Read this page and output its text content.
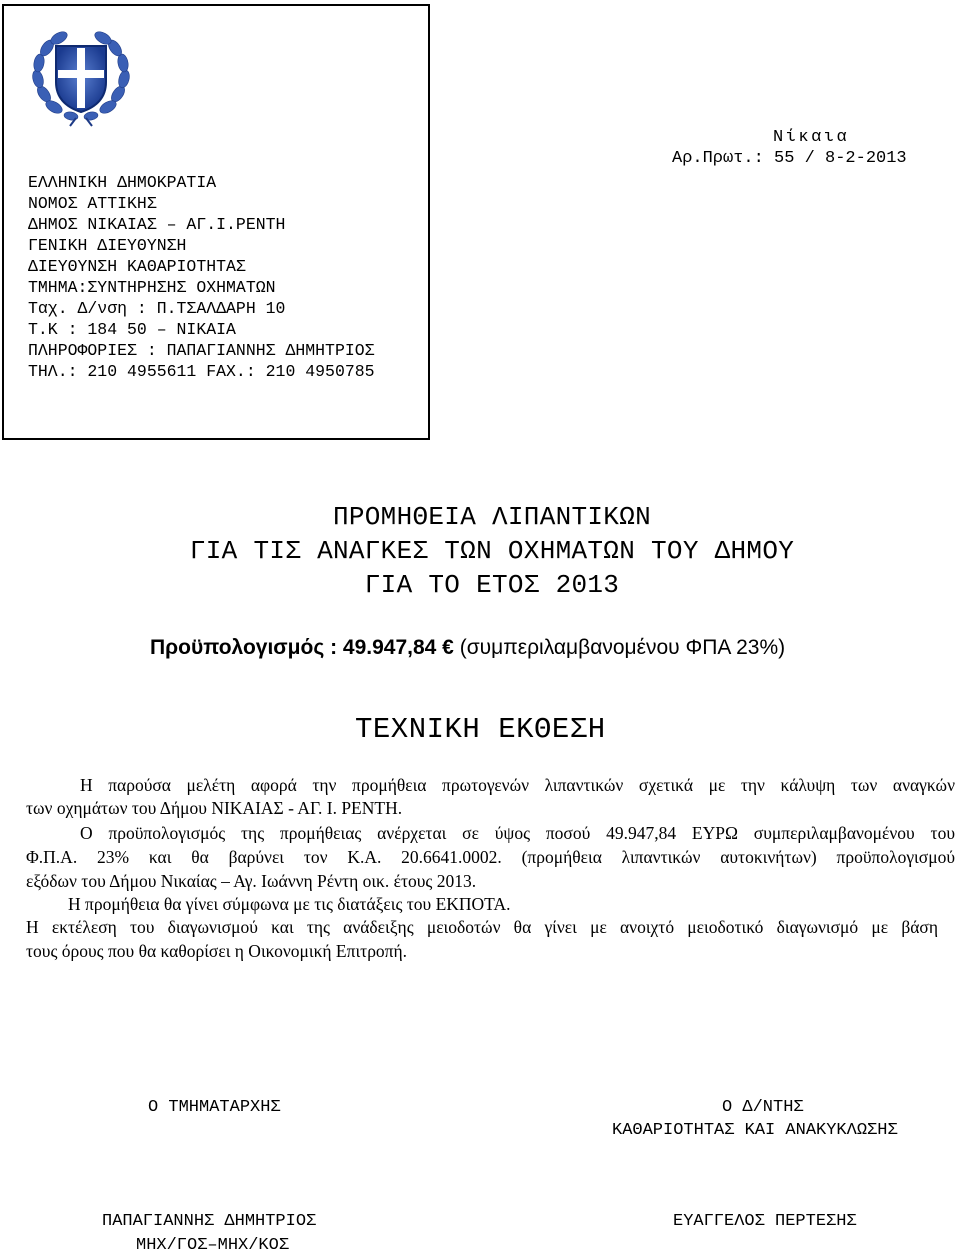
ΕΛΛΗΝΙΚΗ ΔΗΜΟΚΡΑΤΙΑ
ΝΟΜΟΣ ΑΤΤΙΚΗΣ
ΔΗΜΟΣ ΝΙΚΑΙΑΣ – ΑΓ.Ι.ΡΕΝΤΗ
ΓΕΝΙΚΗ ΔΙΕΥΘΥΝΣΗ
ΔΙΕΥΘΥΝΣΗ ΚΑΘΑΡΙΟΤΗΤΑΣ
ΤΜΗΜΑ:ΣΥΝΤΗΡΗΣΗΣ ΟΧΗΜΑΤΩΝ
Ταχ. Δ/νση : Π.ΤΣΑΛΔΑΡΗ 10
Τ.Κ : 184 50 – ΝΙΚΑΙΑ
ΠΛΗΡΟΦΟΡΙΕΣ : ΠΑΠΑΓΙΑΝΝΗΣ ΔΗΜΗΤΡΙΟΣ
ΤΗΛ.: 210 4955611 FAX.: 210 4950785
Νίκαια
Αρ.Πρωτ.: 55 / 8-2-2013
ΠΡΟΜΗΘΕΙΑ ΛΙΠΑΝΤΙΚΩΝ
ΓΙΑ ΤΙΣ ΑΝΑΓΚΕΣ ΤΩΝ ΟΧΗΜΑΤΩΝ ΤΟΥ ΔΗΜΟΥ
ΓΙΑ ΤΟ ΕΤΟΣ 2013
Προϋπολογισμός : 49.947,84 € (συμπεριλαμβανομένου ΦΠΑ 23%)
ΤΕΧΝΙΚΗ ΕΚΘΕΣΗ
Η παρούσα μελέτη αφορά την προμήθεια πρωτογενών λιπαντικών σχετικά με την κάλυψη των αναγκών
των οχημάτων του Δήμου ΝΙΚΑΙΑΣ - ΑΓ. Ι. ΡΕΝΤΗ.
Ο προϋπολογισμός της προμήθειας ανέρχεται σε ύψος ποσού 49.947,84 ΕΥΡΩ συμπεριλαμβανομένου του
Φ.Π.Α. 23% και θα βαρύνει τον Κ.Α. 20.6641.0002. (προμήθεια λιπαντικών αυτοκινήτων) προϋπολογισμού
εξόδων του Δήμου Νικαίας – Αγ. Ιωάννη Ρέντη οικ. έτους 2013.
Η προμήθεια θα γίνει σύμφωνα με τις διατάξεις του ΕΚΠΟΤΑ.
Η εκτέλεση του διαγωνισμού και της ανάδειξης μειοδοτών θα γίνει με ανοιχτό μειοδοτικό διαγωνισμό με βάση
τους όρους που θα καθορίσει η Οικονομική Επιτροπή.
Ο ΤΜΗΜΑΤΑΡΧΗΣ	Ο Δ/ΝΤΗΣ
ΚΑΘΑΡΙΟΤΗΤΑΣ ΚΑΙ ΑΝΑΚΥΚΛΩΣΗΣ
ΠΑΠΑΓΙΑΝΝΗΣ ΔΗΜΗΤΡΙΟΣ
ΜΗΧ/ΓΟΣ–ΜΗΧ/ΚΟΣ
ΕΥΑΓΓΕΛΟΣ ΠΕΡΤΕΣΗΣ
